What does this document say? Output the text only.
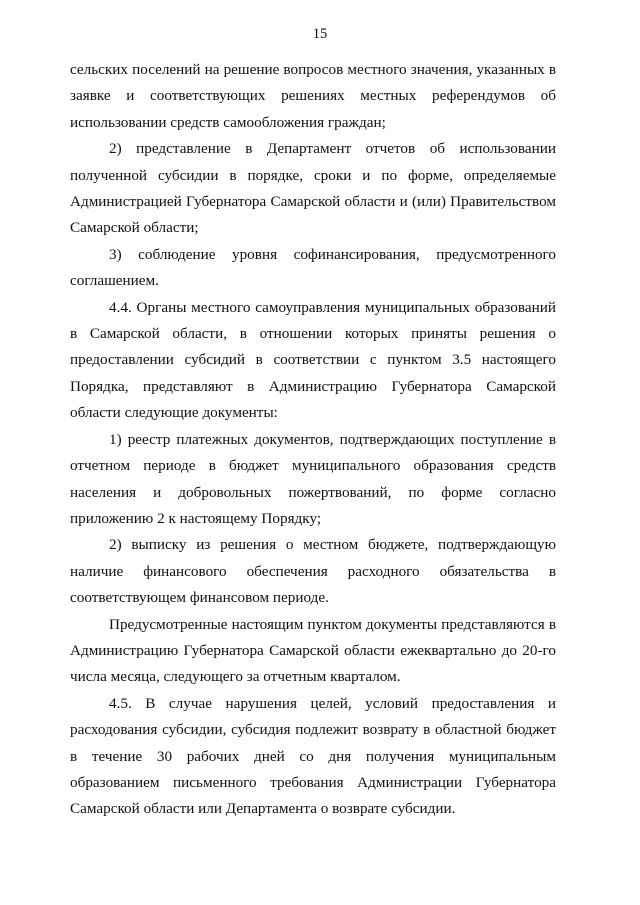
15

сельских поселений на решение вопросов местного значения, указанных в заявке и соответствующих решениях местных референдумов об использовании средств самообложения граждан;

2) представление в Департамент отчетов об использовании полученной субсидии в порядке, сроки и по форме, определяемые Администрацией Губернатора Самарской области и (или) Правительством Самарской области;

3) соблюдение уровня софинансирования, предусмотренного соглашением.

4.4. Органы местного самоуправления муниципальных образований в Самарской области, в отношении которых приняты решения о предоставлении субсидий в соответствии с пунктом 3.5 настоящего Порядка, представляют в Администрацию Губернатора Самарской области следующие документы:

1) реестр платежных документов, подтверждающих поступление в отчетном периоде в бюджет муниципального образования средств населения и добровольных пожертвований, по форме согласно приложению 2 к настоящему Порядку;

2) выписку из решения о местном бюджете, подтверждающую наличие финансового обеспечения расходного обязательства в соответствующем финансовом периоде.

Предусмотренные настоящим пунктом документы представляются в Администрацию Губернатора Самарской области ежеквартально до 20-го числа месяца, следующего за отчетным кварталом.

4.5. В случае нарушения целей, условий предоставления и расходования субсидии, субсидия подлежит возврату в областной бюджет в течение 30 рабочих дней со дня получения муниципальным образованием письменного требования Администрации Губернатора Самарской области или Департамента о возврате субсидии.
